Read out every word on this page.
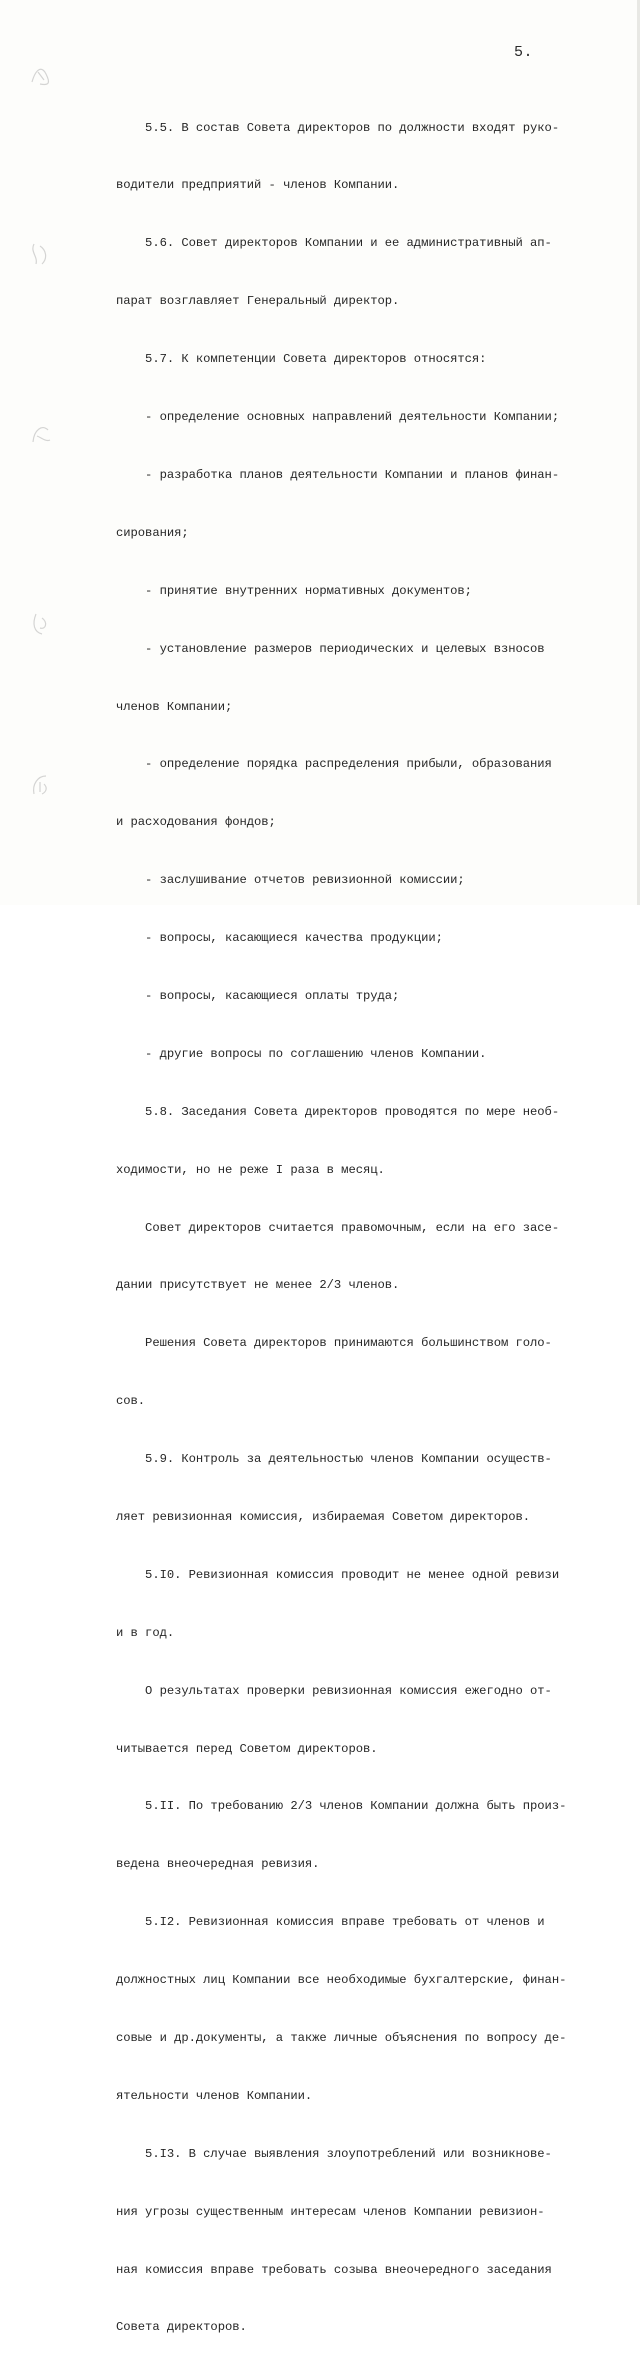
5.

5.5. В состав Совета директоров по должности входят руко-

водители предприятий - членов Компании.

5.6. Совет директоров Компании и ее административный ап-

парат возглавляет Генеральный директор.

5.7. К компетенции Совета директоров относятся:

- определение основных направлений деятельности Компании;

- разработка планов деятельности Компании и планов финан-

сирования;

- принятие внутренних нормативных документов;

- установление размеров периодических и целевых взносов

членов Компании;

- определение порядка распределения прибыли, образования

и расходования фондов;

- заслушивание отчетов ревизионной комиссии;

- вопросы, касающиеся качества продукции;

- вопросы, касающиеся оплаты труда;

- другие вопросы по соглашению членов Компании.

5.8. Заседания Совета директоров проводятся по мере необ-

ходимости, но не реже I раза в месяц.

Совет директоров считается правомочным, если на его засе-

дании присутствует не менее 2/3 членов.

Решения Совета директоров принимаются большинством голо-

сов.

5.9. Контроль за деятельностью членов Компании осуществ-

ляет ревизионная комиссия, избираемая Советом директоров.

5.I0. Ревизионная комиссия проводит не менее одной ревизи

и в год.

О результатах проверки ревизионная комиссия ежегодно от-

читывается перед Советом директоров.

5.II. По требованию 2/3 членов Компании должна быть произ-

ведена внеочередная ревизия.

5.I2. Ревизионная комиссия вправе требовать от членов и

должностных лиц Компании все необходимые бухгалтерские, финан-

совые и др.документы, а также личные объяснения по вопросу де-

ятельности членов Компании.

5.I3. В случае выявления злоупотреблений или возникнове-

ния угрозы существенным интересам членов Компании ревизион-

ная комиссия вправе требовать созыва внеочередного заседания

Совета директоров.
